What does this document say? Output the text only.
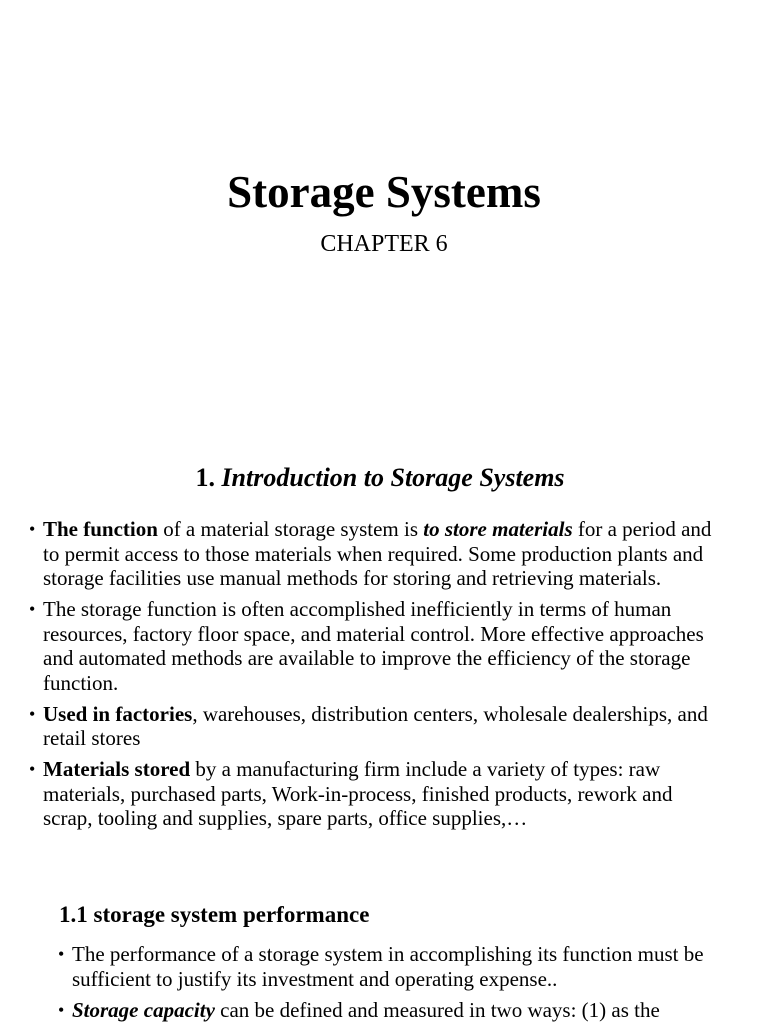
Storage Systems
CHAPTER 6
1. Introduction to Storage Systems
• The function of a material storage system is to store materials for a period and to permit access to those materials when required. Some production plants and storage facilities use manual methods for storing and retrieving materials.
• The storage function is often accomplished inefficiently in terms of human resources, factory floor space, and material control. More effective approaches and automated methods are available to improve the efficiency of the storage function.
• Used in factories, warehouses, distribution centers, wholesale dealerships, and retail stores
• Materials stored by a manufacturing firm include a variety of types: raw materials, purchased parts, Work-in-process, finished products, rework and scrap, tooling and supplies, spare parts, office supplies,…
1.1 storage system performance
• The performance of a storage system in accomplishing its function must be sufficient to justify its investment and operating expense..
• Storage capacity can be defined and measured in two ways: (1) as the
